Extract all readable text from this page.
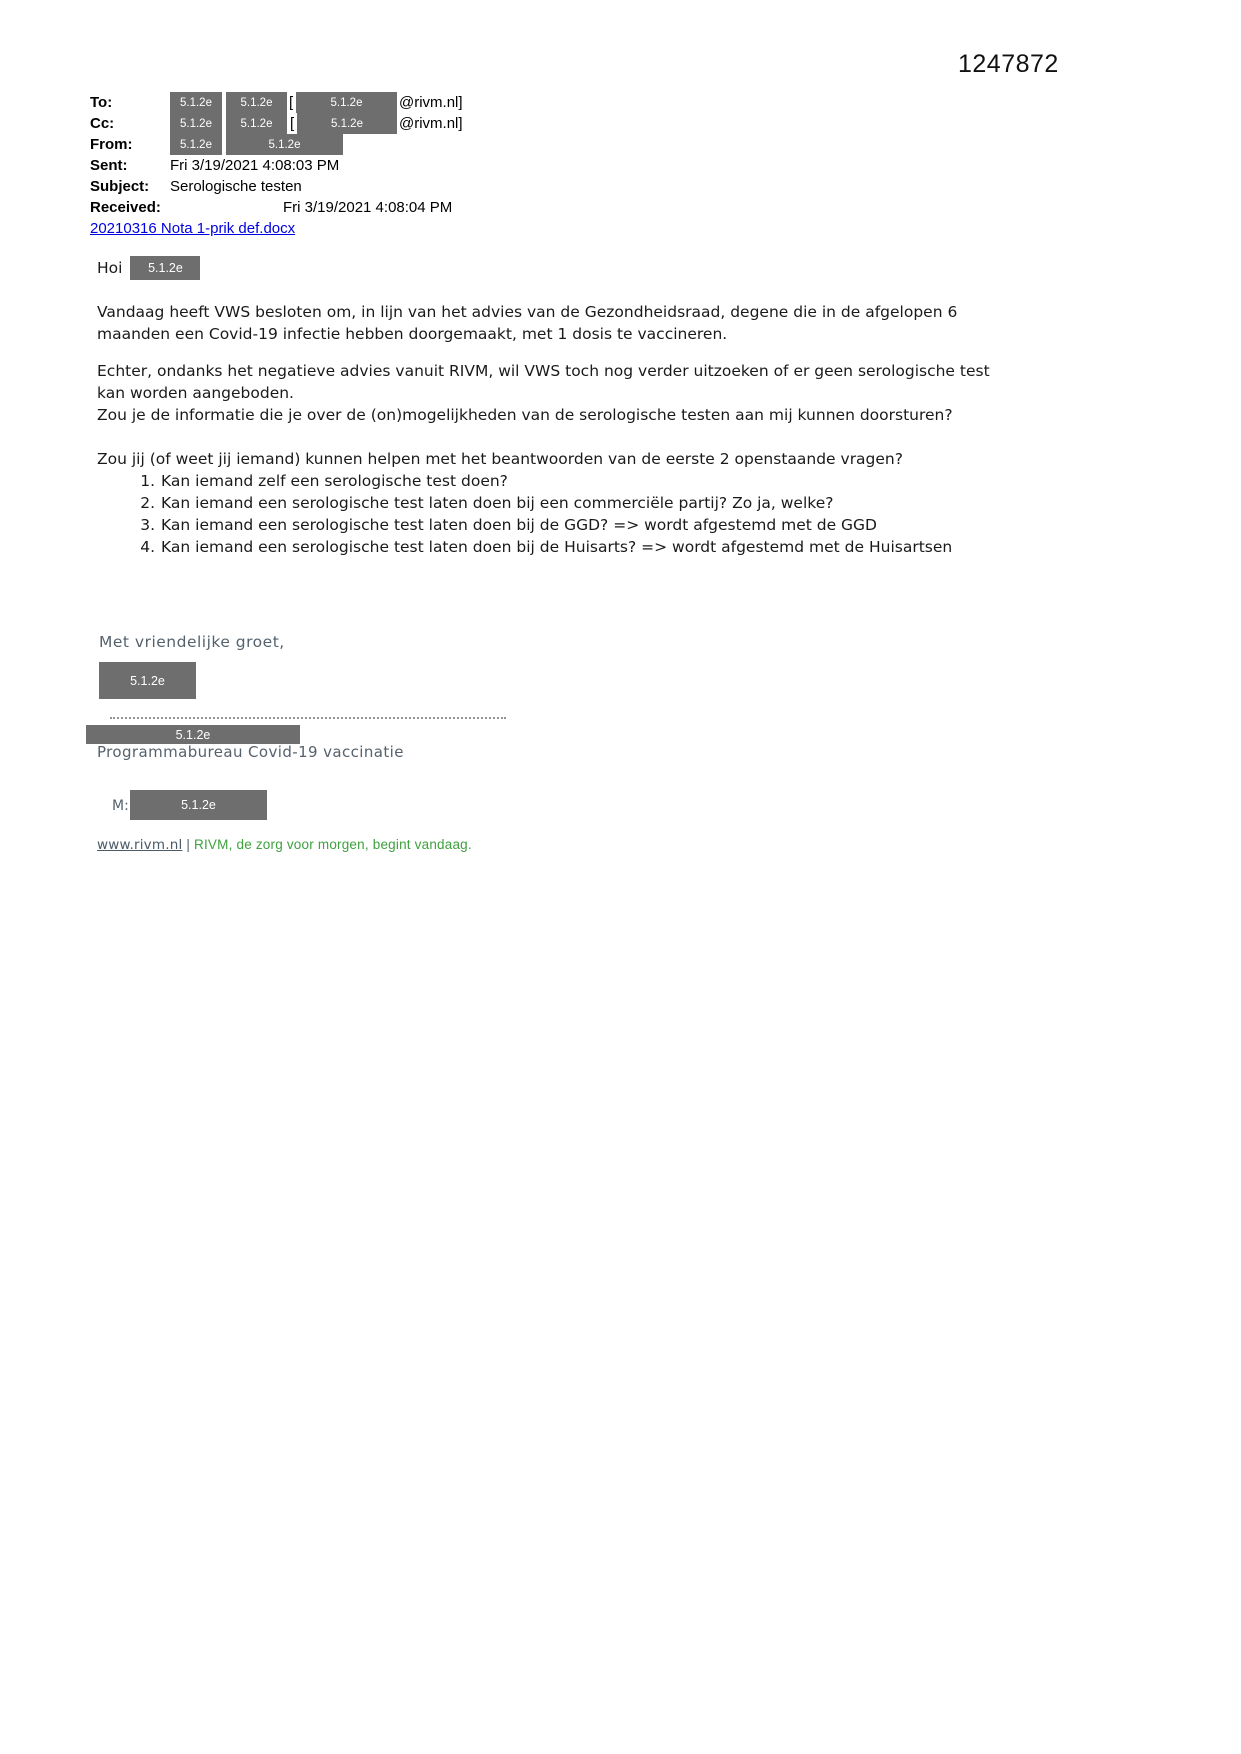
1247872
To:	5.1.2e	5.1.2e	[	5.1.2e	@rivm.nl]
Cc:	5.1.2e	5.1.2e	[	5.1.2e	@rivm.nl]
From:	5.1.2e	5.1.2e
Sent:	Fri 3/19/2021 4:08:03 PM
Subject: Serologische testen
Received:	Fri 3/19/2021 4:08:04 PM
20210316 Nota 1-prik def.docx
Hoi	5.1.2e
Vandaag heeft VWS besloten om, in lijn van het advies van de Gezondheidsraad, degene die in de afgelopen 6
maanden een Covid-19 infectie hebben doorgemaakt, met 1 dosis te vaccineren.
Echter, ondanks het negatieve advies vanuit RIVM, wil VWS toch nog verder uitzoeken of er geen serologische test
kan worden aangeboden.
Zou je de informatie die je over de (on)mogelijkheden van de serologische testen aan mij kunnen doorsturen?
Zou jij (of weet jij iemand) kunnen helpen met het beantwoorden van de eerste 2 openstaande vragen?
1. Kan iemand zelf een serologische test doen?
2. Kan iemand een serologische test laten doen bij een commerciële partij? Zo ja, welke?
3. Kan iemand een serologische test laten doen bij de GGD? => wordt afgestemd met de GGD
4. Kan iemand een serologische test laten doen bij de Huisarts? => wordt afgestemd met de Huisartsen
Met vriendelijke groet,
5.1.2e
5.1.2e
Programmabureau Covid-19 vaccinatie
M:	5.1.2e
www.rivm.nl | RIVM, de zorg voor morgen, begint vandaag.
